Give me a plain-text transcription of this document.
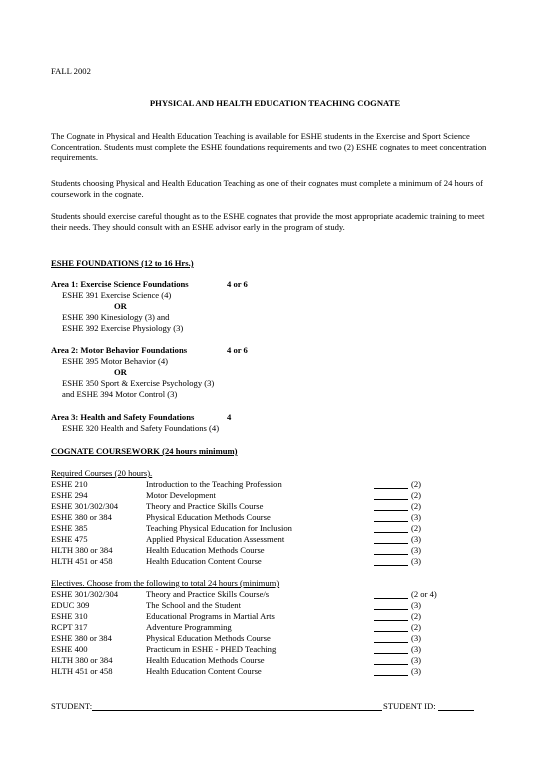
FALL 2002
PHYSICAL AND HEALTH EDUCATION TEACHING COGNATE
The Cognate in Physical and Health Education Teaching is available for ESHE students in the Exercise and Sport Science Concentration. Students must complete the ESHE foundations requirements and two (2) ESHE cognates to meet concentration requirements.
Students choosing Physical and Health Education Teaching as one of their cognates must complete a minimum of 24 hours of coursework in the cognate.
Students should exercise careful thought as to the ESHE cognates that provide the most appropriate academic training to meet their needs. They should consult with an ESHE advisor early in the program of study.
ESHE FOUNDATIONS (12 to 16 Hrs.)
Area 1: Exercise Science Foundations	4 or 6
ESHE 391 Exercise Science (4)
OR
ESHE 390 Kinesiology (3) and
ESHE 392 Exercise Physiology (3)
Area 2: Motor Behavior Foundations	4 or 6
ESHE 395 Motor Behavior (4)
OR
ESHE 350 Sport & Exercise Psychology (3)
and ESHE 394 Motor Control (3)
Area 3: Health and Safety Foundations	4
ESHE 320 Health and Safety Foundations (4)
COGNATE COURSEWORK (24 hours minimum)
Required Courses (20 hours).
ESHE 210	Introduction to the Teaching Profession	(2)
ESHE 294	Motor Development	(2)
ESHE 301/302/304	Theory and Practice Skills Course	(2)
ESHE 380 or 384	Physical Education Methods Course	(3)
ESHE 385	Teaching Physical Education for Inclusion	(2)
ESHE 475	Applied Physical Education Assessment	(3)
HLTH 380 or 384	Health Education Methods Course	(3)
HLTH 451 or 458	Health Education Content Course	(3)
Electives. Choose from the following to total 24 hours (minimum)
ESHE 301/302/304	Theory and Practice Skills Course/s	(2 or 4)
EDUC 309	The School and the Student	(3)
ESHE 310	Educational Programs in Martial Arts	(2)
RCPT 317	Adventure Programming	(2)
ESHE 380 or 384	Physical Education Methods Course	(3)
ESHE 400	Practicum in ESHE - PHED Teaching	(3)
HLTH 380 or 384	Health Education Methods Course	(3)
HLTH 451 or 458	Health Education Content Course	(3)
STUDENT:	STUDENT ID:
